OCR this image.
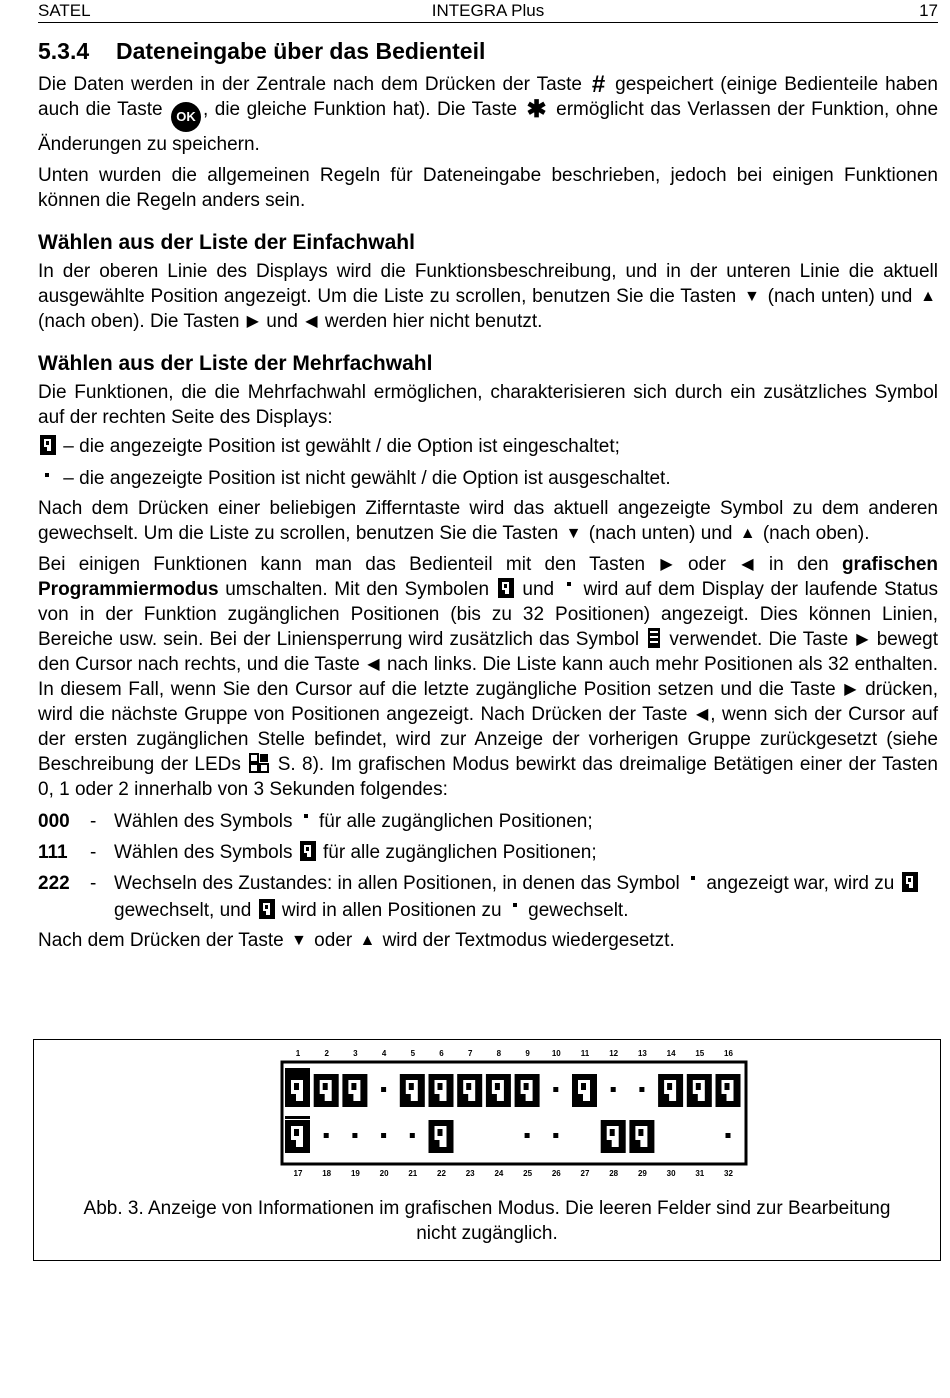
SATEL	INTEGRA Plus	17
5.3.4 Dateneingabe über das Bedienteil

Die Daten werden in der Zentrale nach dem Drücken der Taste # gespeichert (einige Bedienteile haben auch die Taste OK , die gleiche Funktion hat). Die Taste ✱ ermöglicht das Verlassen der Funktion, ohne Änderungen zu speichern.

Unten wurden die allgemeinen Regeln für Dateneingabe beschrieben, jedoch bei einigen Funktionen können die Regeln anders sein.

Wählen aus der Liste der Einfachwahl

In der oberen Linie des Displays wird die Funktionsbeschreibung, und in der unteren Linie die aktuell ausgewählte Position angezeigt. Um die Liste zu scrollen, benutzen Sie die Tasten ▼ (nach unten) und ▲ (nach oben). Die Tasten ▶ und ◀ werden hier nicht benutzt.

Wählen aus der Liste der Mehrfachwahl

Die Funktionen, die die Mehrfachwahl ermöglichen, charakterisieren sich durch ein zusätzliches Symbol auf der rechten Seite des Displays:

– die angezeigte Position ist gewählt / die Option ist eingeschaltet;
– die angezeigte Position ist nicht gewählt / die Option ist ausgeschaltet.

Nach dem Drücken einer beliebigen Zifferntaste wird das aktuell angezeigte Symbol zu dem anderen gewechselt. Um die Liste zu scrollen, benutzen Sie die Tasten ▼ (nach unten) und ▲ (nach oben).

Bei einigen Funktionen kann man das Bedienteil mit den Tasten ▶ oder ◀ in den grafischen Programmiermodus umschalten. Mit den Symbolen und wird auf dem Display der laufende Status von in der Funktion zugänglichen Positionen (bis zu 32 Positionen) angezeigt. Dies können Linien, Bereiche usw. sein. Bei der Liniensperrung wird zusätzlich das Symbol verwendet. Die Taste ▶ bewegt den Cursor nach rechts, und die Taste ◀ nach links. Die Liste kann auch mehr Positionen als 32 enthalten. In diesem Fall, wenn Sie den Cursor auf die letzte zugängliche Position setzen und die Taste ▶ drücken, wird die nächste Gruppe von Positionen angezeigt. Nach Drücken der Taste ◀ , wenn sich der Cursor auf der ersten zugänglichen Stelle befindet, wird zur Anzeige der vorherigen Gruppe zurückgesetzt (siehe Beschreibung der LEDs S. 8). Im grafischen Modus bewirkt das dreimalige Betätigen einer der Tasten 0, 1 oder 2 innerhalb von 3 Sekunden folgendes:

000	- Wählen des Symbols für alle zugänglichen Positionen;
111	- Wählen des Symbols für alle zugänglichen Positionen;
222	- Wechseln des Zustandes: in allen Positionen, in denen das Symbol angezeigt war, wird zu  gewechselt, und wird in allen Positionen zu gewechselt.

Nach dem Drücken der Taste ▼ oder ▲ wird der Textmodus wiedergesetzt.

1	2	3	4	5	6	7	8	9	10	11	12 13 14 15 16
17 18 19 20 21 22 23 24 25 26 27 28 29 30 31 32
Abb. 3. Anzeige von Informationen im grafischen Modus. Die leeren Felder sind zur Bearbeitung nicht zugänglich.
